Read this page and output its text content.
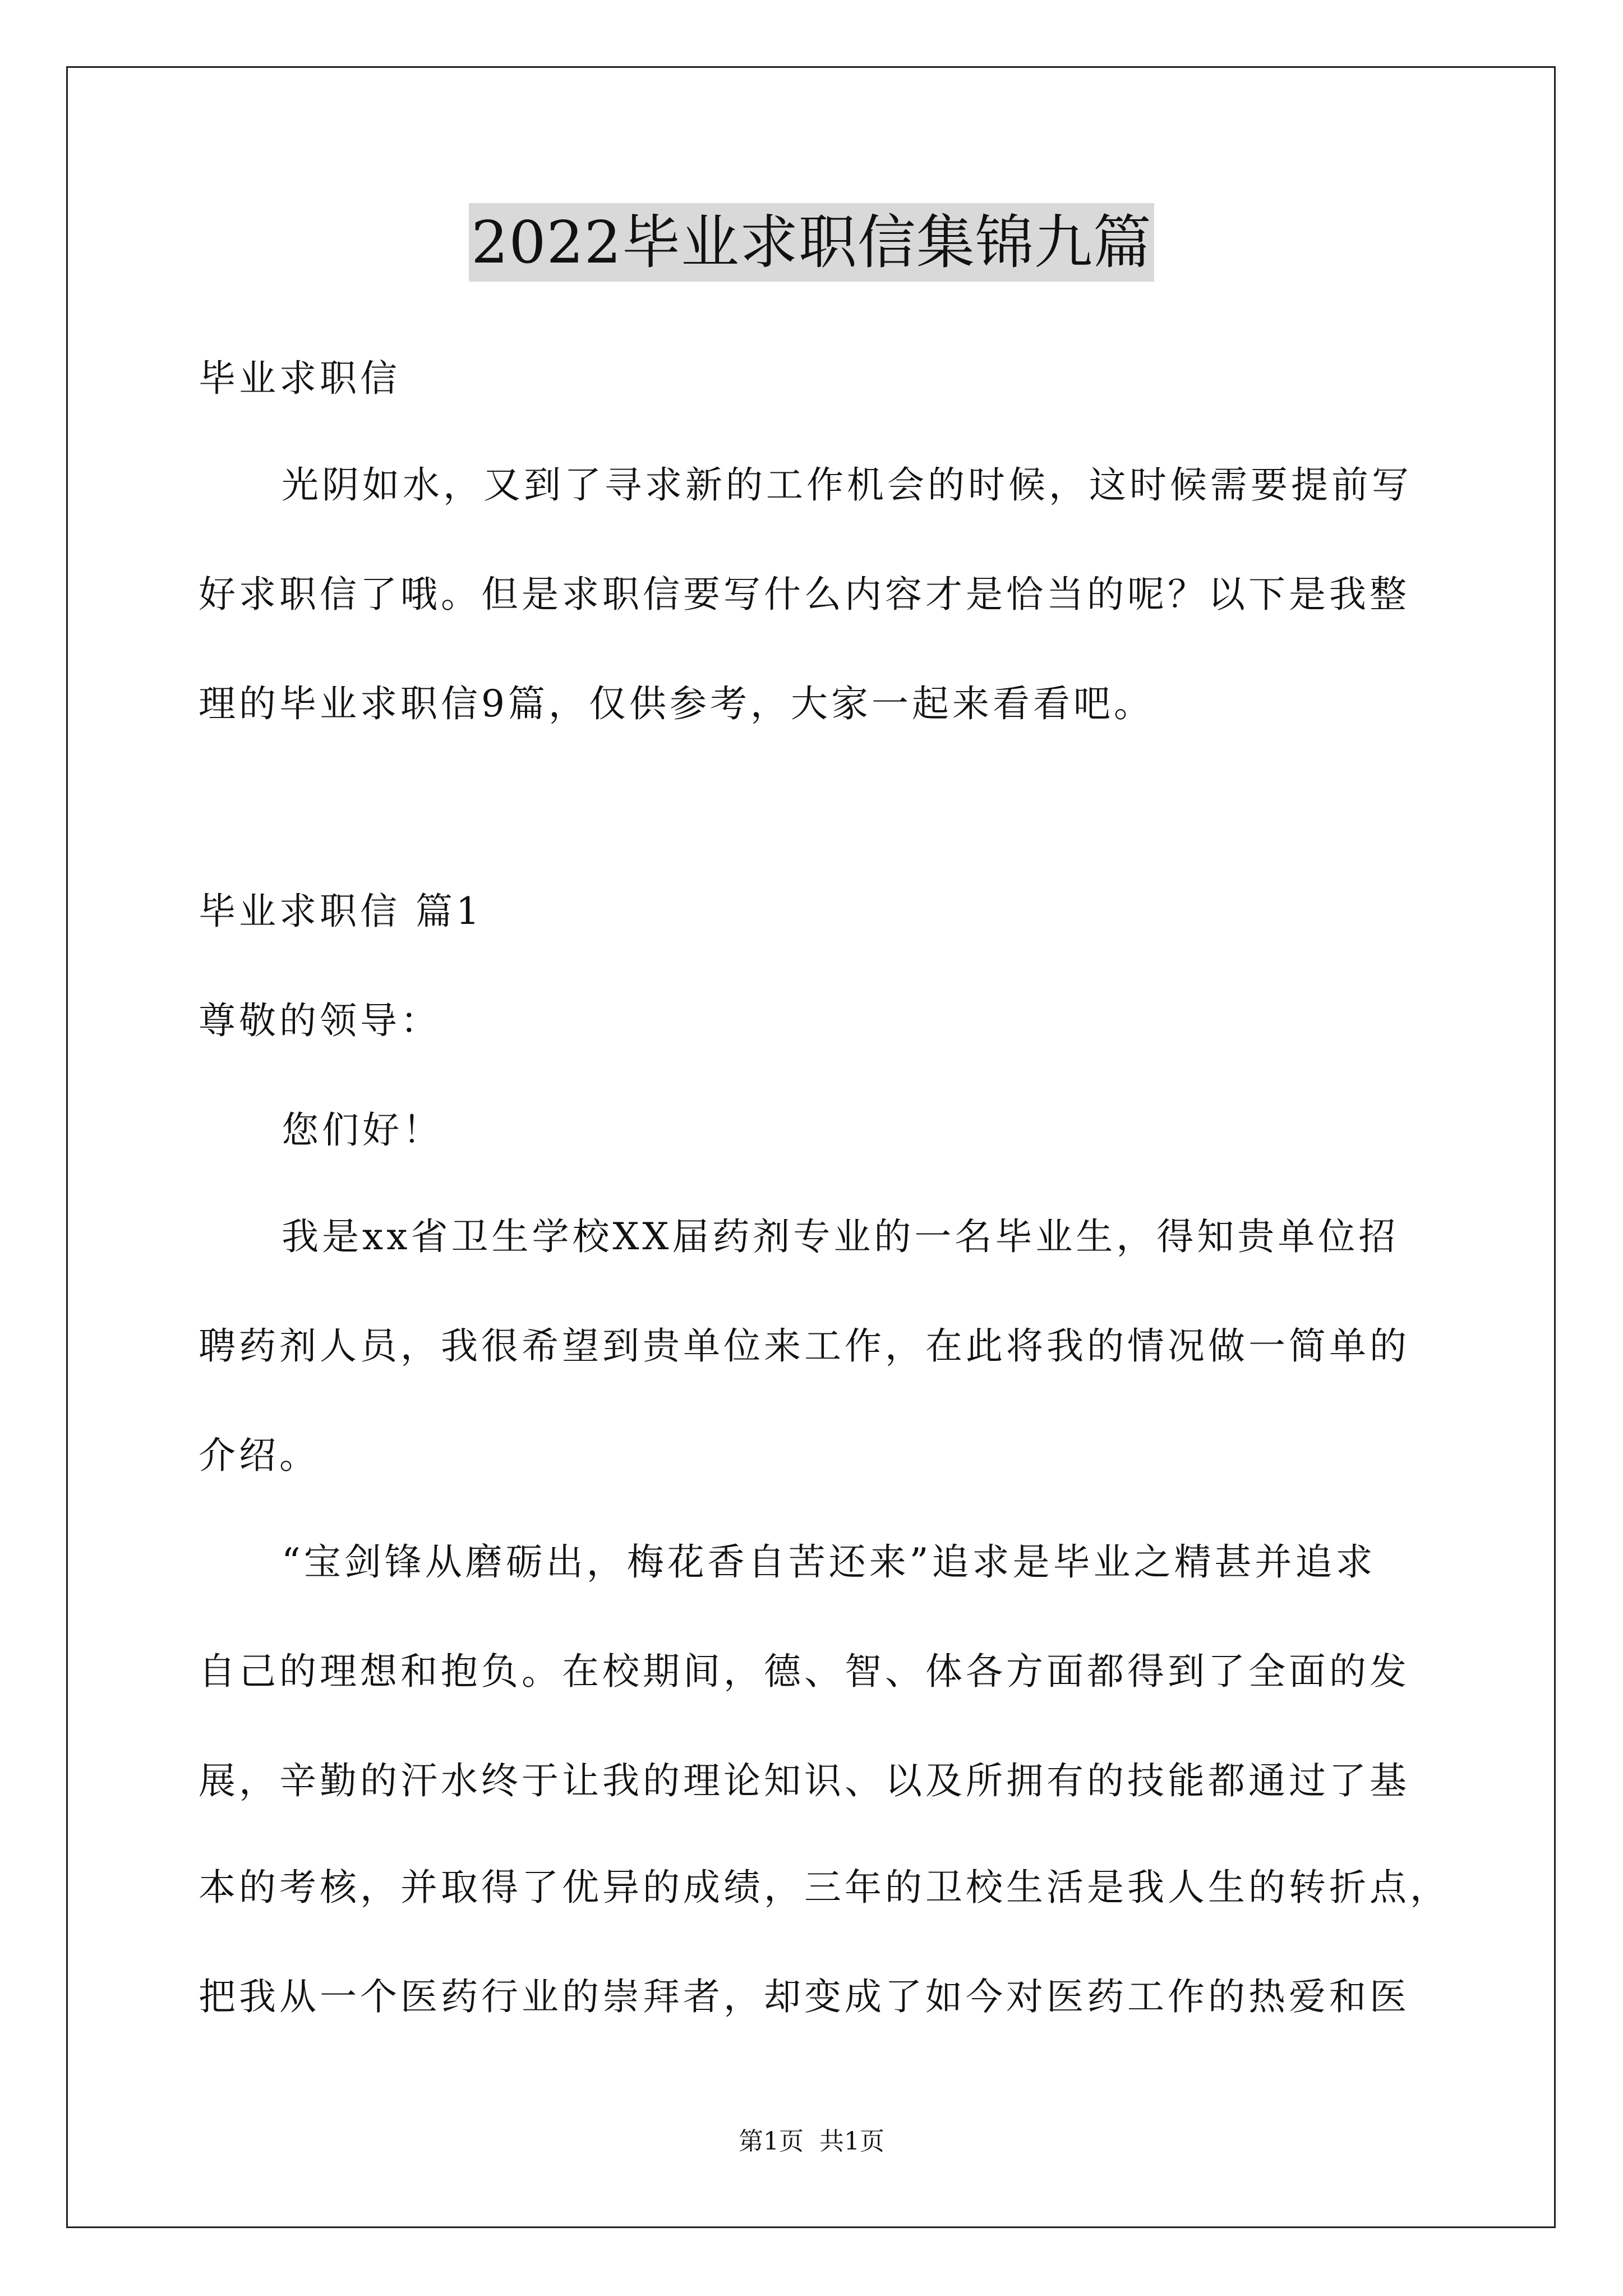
2022毕业求职信集锦九篇
毕业求职信
光阴如水，又到了寻求新的工作机会的时候，这时候需要提前写
好求职信了哦。但是求职信要写什么内容才是恰当的呢？以下是我整
理的毕业求职信9篇，仅供参考，大家一起来看看吧。
毕业求职信 篇1
尊敬的领导：
您们好！
我是xx省卫生学校XX届药剂专业的一名毕业生，得知贵单位招
聘药剂人员，我很希望到贵单位来工作，在此将我的情况做一简单的
介绍。
“宝剑锋从磨砺出，梅花香自苦还来”追求是毕业之精甚并追求
自己的理想和抱负。在校期间，德、智、体各方面都得到了全面的发
展，辛勤的汗水终于让我的理论知识、以及所拥有的技能都通过了基
本的考核，并取得了优异的成绩，三年的卫校生活是我人生的转折点，
把我从一个医药行业的崇拜者，却变成了如今对医药工作的热爱和医
第1页 共1页
